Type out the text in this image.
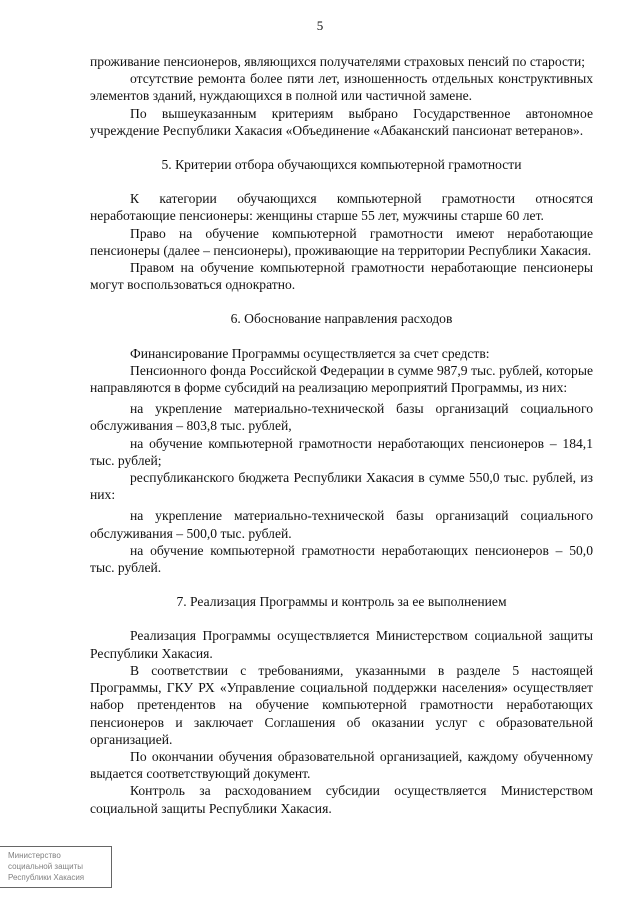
5

проживание пенсионеров, являющихся получателями страховых пенсий по старости;

отсутствие ремонта более пяти лет, изношенность отдельных конструктивных элементов зданий, нуждающихся в полной или частичной замене.

По вышеуказанным критериям выбрано Государственное автономное учреждение Республики Хакасия «Объединение «Абаканский пансионат ветеранов».

5. Критерии отбора обучающихся компьютерной грамотности

К категории обучающихся компьютерной грамотности относятся неработающие пенсионеры: женщины старше 55 лет, мужчины старше 60 лет.

Право на обучение компьютерной грамотности имеют неработающие пенсионеры (далее – пенсионеры), проживающие на территории Республики Хакасия.

Правом на обучение компьютерной грамотности неработающие пенсионеры могут воспользоваться однократно.

6. Обоснование направления расходов

Финансирование Программы осуществляется за счет средств:

Пенсионного фонда Российской Федерации в сумме 987,9 тыс. рублей, которые направляются в форме субсидий на реализацию мероприятий Программы, из них:

на укрепление материально-технической базы организаций социального обслуживания – 803,8 тыс. рублей,

на обучение компьютерной грамотности неработающих пенсионеров – 184,1 тыс. рублей;

республиканского бюджета Республики Хакасия в сумме 550,0 тыс. рублей, из них:

на укрепление материально-технической базы организаций социального обслуживания – 500,0 тыс. рублей.

на обучение компьютерной грамотности неработающих пенсионеров – 50,0 тыс. рублей.

7. Реализация Программы и контроль за ее выполнением

Реализация Программы осуществляется Министерством социальной защиты Республики Хакасия.

В соответствии с требованиями, указанными в разделе 5 настоящей Программы, ГКУ РХ «Управление социальной поддержки населения» осуществляет набор претендентов на обучение компьютерной грамотности неработающих пенсионеров и заключает Соглашения об оказании услуг с образовательной организацией.

По окончании обучения образовательной организацией, каждому обученному выдается соответствующий документ.

Контроль за расходованием субсидии осуществляется Министерством социальной защиты Республики Хакасия.

Министерство
социальной защиты
Республики Хакасия
